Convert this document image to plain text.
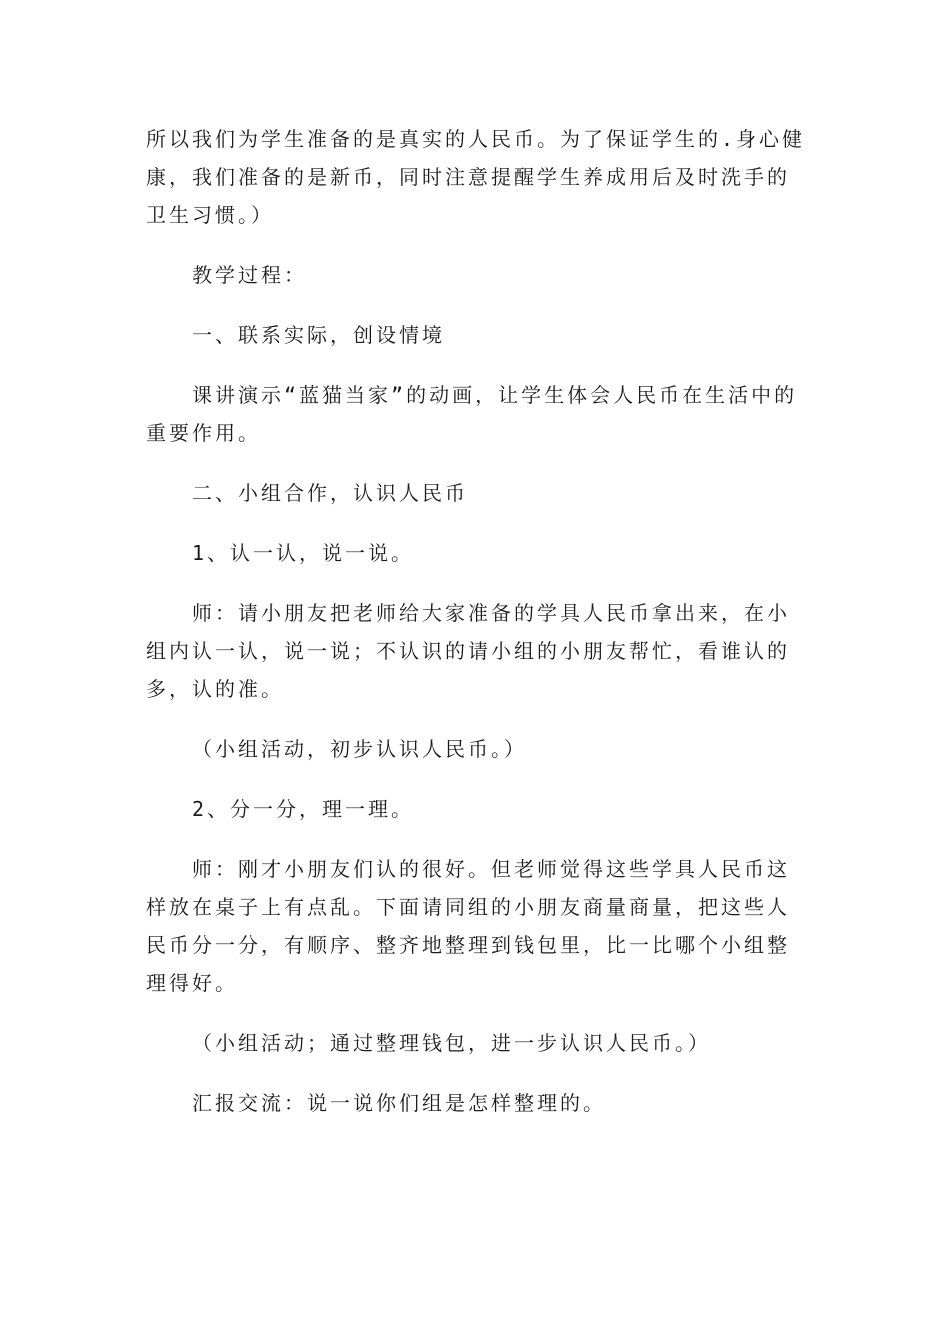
所以我们为学生准备的是真实的人民币。为了保证学生的.身心健康，我们准备的是新币，同时注意提醒学生养成用后及时洗手的卫生习惯。）

教学过程：

一、联系实际，创设情境

课讲演示“蓝猫当家”的动画，让学生体会人民币在生活中的重要作用。

二、小组合作，认识人民币

1、认一认，说一说。

师：请小朋友把老师给大家准备的学具人民币拿出来，在小组内认一认，说一说；不认识的请小组的小朋友帮忙，看谁认的多，认的准。

（小组活动，初步认识人民币。）

2、分一分，理一理。

师：刚才小朋友们认的很好。但老师觉得这些学具人民币这样放在桌子上有点乱。下面请同组的小朋友商量商量，把这些人民币分一分，有顺序、整齐地整理到钱包里，比一比哪个小组整理得好。

（小组活动；通过整理钱包，进一步认识人民币。）

汇报交流：说一说你们组是怎样整理的。
